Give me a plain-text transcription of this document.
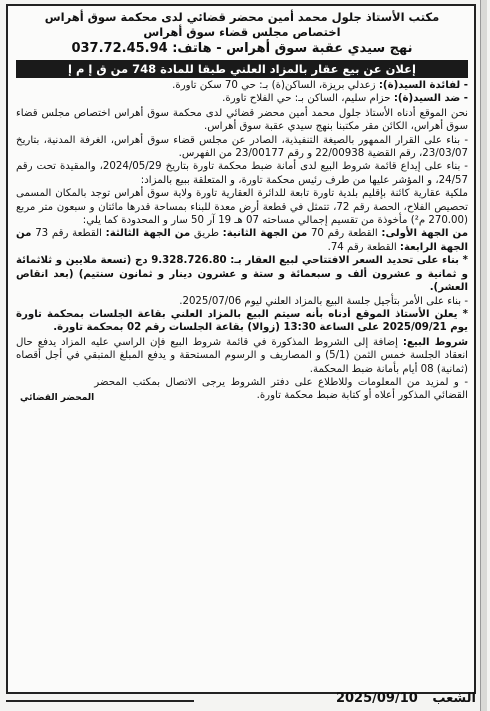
مكتب الأستاذ جلول محمد أمين محضر قضائي لدى محكمة سوق أهراس
اختصاص مجلس قضاء سوق أهراس
نهج سيدي عقبة سوق أهراس - هاتف: 037.72.45.94
إعلان عن بيع عقار بالمزاد العلني طبقا للمادة 748 من ق إ م إ

- لفائدة السيد(ة): زعدلي بريزة، الساكن(ة) بـ: حي 70 سكن تاورة.

- ضد السيد(ة): حزام سليم، الساكن بـ: حي الفلاح تاورة.

نحن الموقع أدناه الأستاذ جلول محمد أمين محضر قضائي لدى محكمة سوق أهراس اختصاص مجلس قضاء سوق أهراس، الكائن مقر مكتبنا بنهج سيدي عقبة سوق أهراس.

- بناء على القرار الممهور بالصيغة التنفيذية، الصادر عن مجلس قضاء سوق أهراس، الغرفة المدنية، بتاريخ 23/03/07، رقم القضية 22/00938 و رقم 23/00177 من الفهرس.

- بناء على إيداع قائمة شروط البيع لدى أمانة ضبط محكمة تاورة بتاريخ 2024/05/29، والمقيدة تحت رقم 24/57، و المؤشر عليها من طرف رئيس محكمة تاورة، و المتعلقة ببيع بالمزاد:

ملكية عقارية كائنة بإقليم بلدية تاورة تابعة للدائرة العقارية تاورة ولاية سوق أهراس توجد بالمكان المسمى تحصيص الفلاح، الحصة رقم 72، تتمثل في قطعة أرض معدة للبناء بمساحة قدرها مائتان و سبعون متر مربع (270.00 م²) مأخوذة من تقسيم إجمالي مساحته 07 هـ 19 آر 50 سار و المحدودة كما يلي:

من الجهة الأولى: القطعة رقم 70 من الجهة الثانية: طريق من الجهة الثالثة: القطعة رقم 73 من الجهة الرابعة: القطعة رقم 74.

* بناء على تحديد السعر الافتتاحي لبيع العقار بـ: 9.328.726.80 دج (تسعة ملايين و ثلاثمائة و ثمانية و عشرون ألف و سبعمائة و ستة و عشرون دينار و ثمانون سنتيم) (بعد انقاص العشر).

- بناء على الأمر بتأجيل جلسة البيع بالمزاد العلني ليوم 2025/07/06.

* يعلن الأستاذ الموقع أدناه بأنه سيتم البيع بالمزاد العلني بقاعة الجلسات بمحكمة تاورة يوم 2025/09/21 على الساعة 13:30 (زوالا) بقاعة الجلسات رقم 02 بمحكمة تاورة.

شروط البيع: إضافة إلى الشروط المذكورة في قائمة شروط البيع فإن الراسي عليه المزاد يدفع حال انعقاد الجلسة خمس الثمن (5/1) و المصاريف و الرسوم المستحقة و يدفع المبلغ المتبقي في أجل أقصاه (ثمانية) 08 أيام بأمانة ضبط المحكمة.

- و لمزيد من المعلومات وللاطلاع على دفتر الشروط يرجى الاتصال بمكتب المحضر القضائي المذكور أعلاه أو كتابة ضبط محكمة تاورة.

المحضر القضائي
الشعب 2025/09/10
